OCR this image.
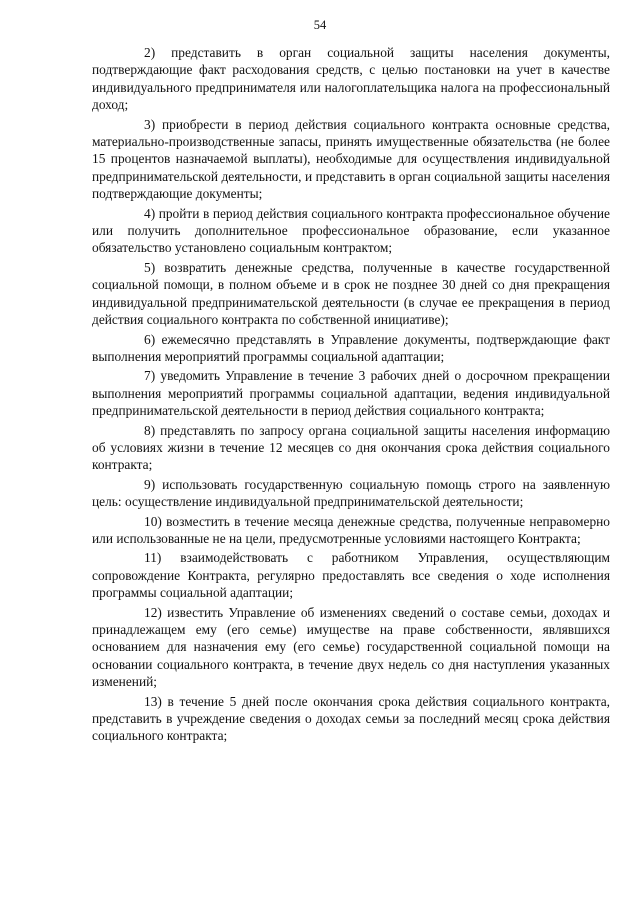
54

2) представить в орган социальной защиты населения документы, подтверждающие факт расходования средств, с целью постановки на учет в качестве индивидуального предпринимателя или налогоплательщика налога на профессиональный доход;

3) приобрести в период действия социального контракта основные средства, материально-производственные запасы, принять имущественные обязательства (не более 15 процентов назначаемой выплаты), необходимые для осуществления индивидуальной предпринимательской деятельности, и представить в орган социальной защиты населения подтверждающие документы;

4) пройти в период действия социального контракта профессиональное обучение или получить дополнительное профессиональное образование, если указанное обязательство установлено социальным контрактом;

5) возвратить денежные средства, полученные в качестве государственной социальной помощи, в полном объеме и в срок не позднее 30 дней со дня прекращения индивидуальной предпринимательской деятельности (в случае ее прекращения в период действия социального контракта по собственной инициативе);

6) ежемесячно представлять в Управление документы, подтверждающие факт выполнения мероприятий программы социальной адаптации;

7) уведомить Управление в течение 3 рабочих дней о досрочном прекращении выполнения мероприятий программы социальной адаптации, ведения индивидуальной предпринимательской деятельности в период действия социального контракта;

8) представлять по запросу органа социальной защиты населения информацию об условиях жизни в течение 12 месяцев со дня окончания срока действия социального контракта;

9) использовать государственную социальную помощь строго на заявленную цель: осуществление индивидуальной предпринимательской деятельности;

10) возместить в течение месяца денежные средства, полученные неправомерно или использованные не на цели, предусмотренные условиями настоящего Контракта;

11) взаимодействовать с работником Управления, осуществляющим сопровождение Контракта, регулярно предоставлять все сведения о ходе исполнения программы социальной адаптации;

12) известить Управление об изменениях сведений о составе семьи, доходах и принадлежащем ему (его семье) имуществе на праве собственности, являвшихся основанием для назначения ему (его семье) государственной социальной помощи на основании социального контракта, в течение двух недель со дня наступления указанных изменений;

13) в течение 5 дней после окончания срока действия социального контракта, представить в учреждение сведения о доходах семьи за последний месяц срока действия социального контракта;
